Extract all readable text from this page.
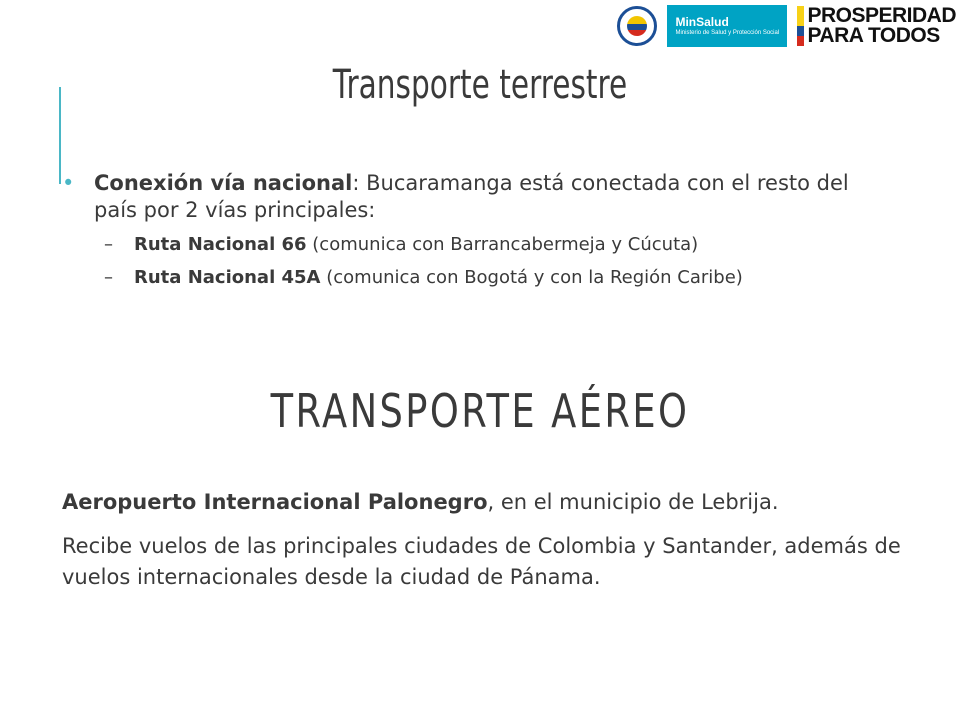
MinSalud
Ministerio de Salud y Protección Social
PROSPERIDAD
PARA TODOS
Transporte terrestre
• Conexión vía nacional: Bucaramanga está conectada con el resto del país por 2 vías principales:
– Ruta Nacional 66 (comunica con Barrancabermeja y Cúcuta)
– Ruta Nacional 45A (comunica con Bogotá y con la Región Caribe)
TRANSPORTE AÉREO

Aeropuerto Internacional Palonegro, en el municipio de Lebrija.

Recibe vuelos de las principales ciudades de Colombia y Santander, además de vuelos internacionales desde la ciudad de Pánama.
